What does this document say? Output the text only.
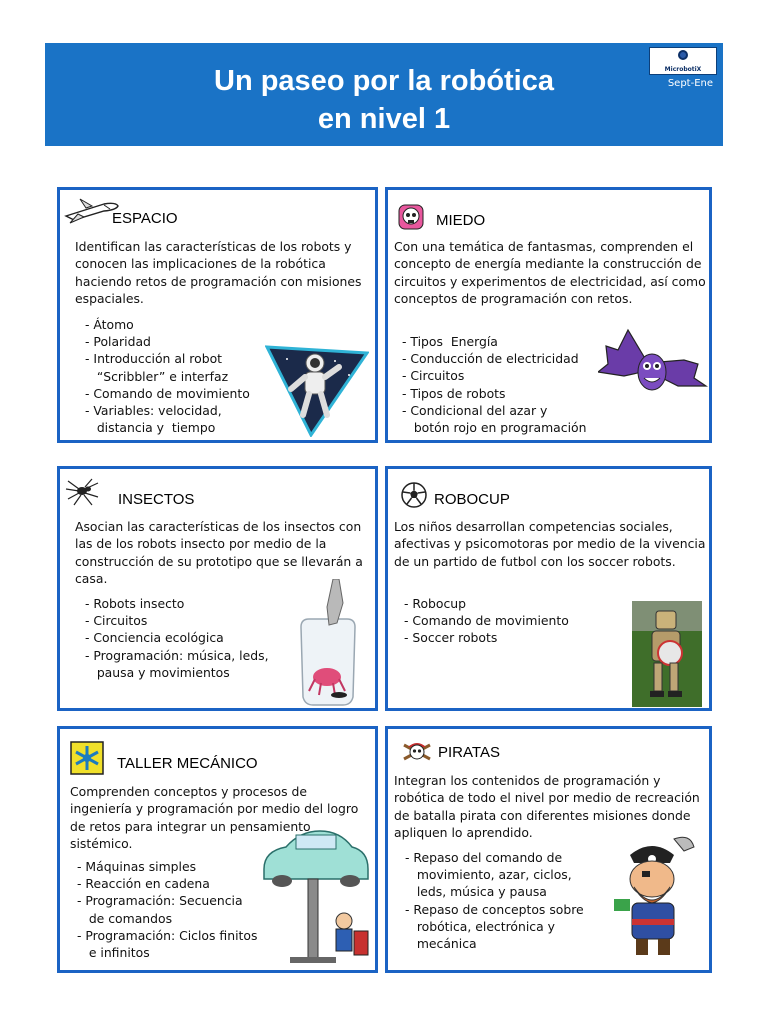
Un paseo por la robótica
en nivel 1
MicrobotiX
Sept-Ene
ESPACIO

Identifican las características de los robots y conocen las implicaciones de la robótica haciendo retos de programación con misiones espaciales.

- Átomo
- Polaridad
- Introducción al robot
“Scribbler” e interfaz
- Comando de movimiento
- Variables: velocidad,
distancia y  tiempo
MIEDO

Con una temática de fantasmas, comprenden el concepto de energía mediante la construcción de circuitos y experimentos de electricidad, así como conceptos de programación con retos.

- Tipos  Energía
- Conducción de electricidad
- Circuitos
- Tipos de robots
- Condicional del azar y
botón rojo en programación
INSECTOS

Asocian las características de los insectos con las de los robots insecto por medio de la construcción de su prototipo que se llevarán a casa.

- Robots insecto
- Circuitos
- Conciencia ecológica
- Programación: música, leds,
pausa y movimientos
ROBOCUP

Los niños desarrollan competencias sociales, afectivas y psicomotoras por medio de la vivencia de un partido de futbol con los soccer robots.

- Robocup
- Comando de movimiento
- Soccer robots
TALLER MECÁNICO

Comprenden conceptos y procesos de ingeniería y programación por medio del logro de retos para integrar un pensamiento sistémico.

- Máquinas simples
- Reacción en cadena
- Programación: Secuencia
de comandos
- Programación: Ciclos finitos
e infinitos
PIRATAS

Integran los contenidos de programación y robótica de todo el nivel por medio de recreación de batalla pirata con diferentes misiones donde apliquen lo aprendido.

- Repaso del comando de
movimiento, azar, ciclos,
leds, música y pausa
- Repaso de conceptos sobre
robótica, electrónica y
mecánica
